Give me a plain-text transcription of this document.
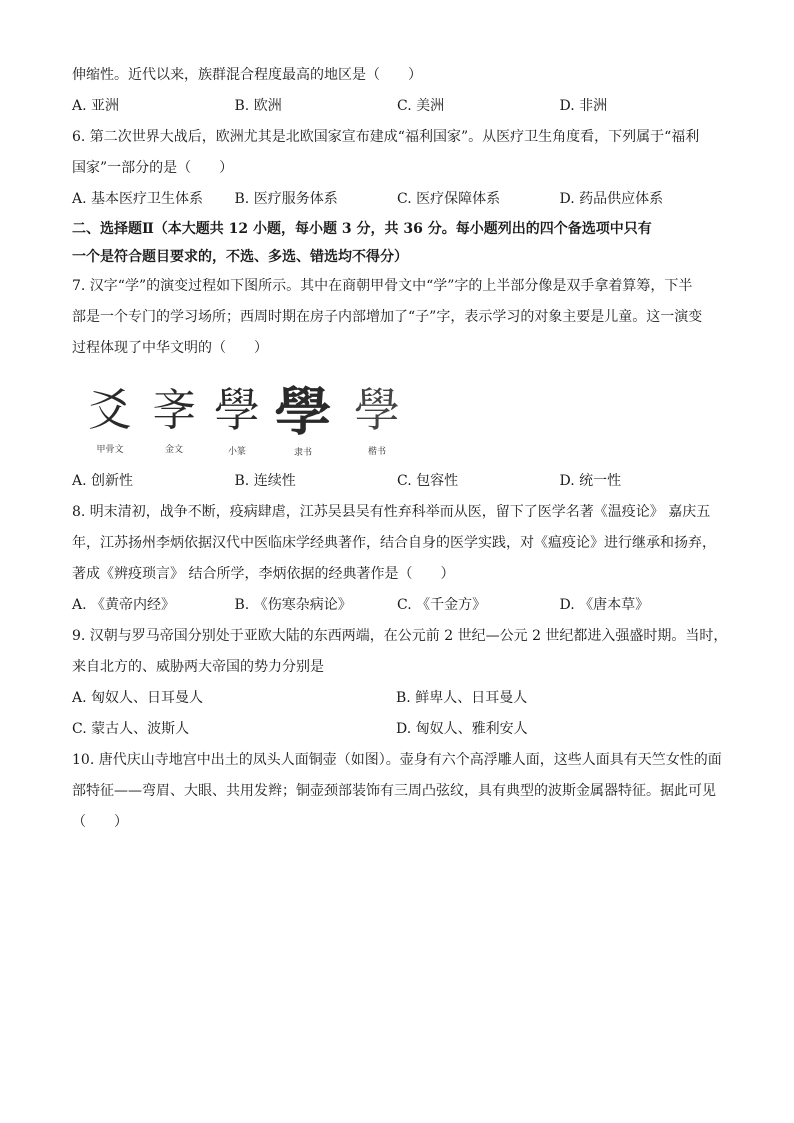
伸缩性。近代以来，族群混合程度最高的地区是（　　）
A. 亚洲	B. 欧洲	C. 美洲	D. 非洲
6. 第二次世界大战后，欧洲尤其是北欧国家宣布建成“福利国家”。从医疗卫生角度看，下列属于“福利
国家”一部分的是（　　）
A. 基本医疗卫生体系	B. 医疗服务体系	C. 医疗保障体系	D. 药品供应体系
二、选择题Ⅱ（本大题共 12 小题，每小题 3 分，共 36 分。每小题列出的四个备选项中只有
一个是符合题目要求的，不选、多选、错选均不得分）
7. 汉字“学”的演变过程如下图所示。其中在商朝甲骨文中“学”字的上半部分像是双手拿着算筹，下半
部是一个专门的学习场所；西周时期在房子内部增加了“子”字，表示学习的对象主要是儿童。这一演变
过程体现了中华文明的（　　）
爻
甲骨文
斈
金文
學
小篆
學
隶书
學
楷书
A. 创新性	B. 连续性	C. 包容性	D. 统一性
8. 明末清初，战争不断，疫病肆虐，江苏吴县吴有性弃科举而从医，留下了医学名著《温疫论》 嘉庆五
年，江苏扬州李炳依据汉代中医临床学经典著作，结合自身的医学实践，对《瘟疫论》进行继承和扬弃，
著成《辨疫琐言》 结合所学，李炳依据的经典著作是（　　）
A. 《黄帝内经》	B. 《伤寒杂病论》	C. 《千金方》	D. 《唐本草》
9. 汉朝与罗马帝国分别处于亚欧大陆的东西两端，在公元前 2 世纪—公元 2 世纪都进入强盛时期。当时，
来自北方的、威胁两大帝国的势力分别是
A. 匈奴人、日耳曼人	B. 鲜卑人、日耳曼人
C. 蒙古人、波斯人	D. 匈奴人、雅利安人
10. 唐代庆山寺地宫中出土的凤头人面铜壶（如图）。壶身有六个高浮雕人面，这些人面具有天竺女性的面
部特征——弯眉、大眼、共用发辫；铜壶颈部装饰有三周凸弦纹，具有典型的波斯金属器特征。据此可见
（　　）
